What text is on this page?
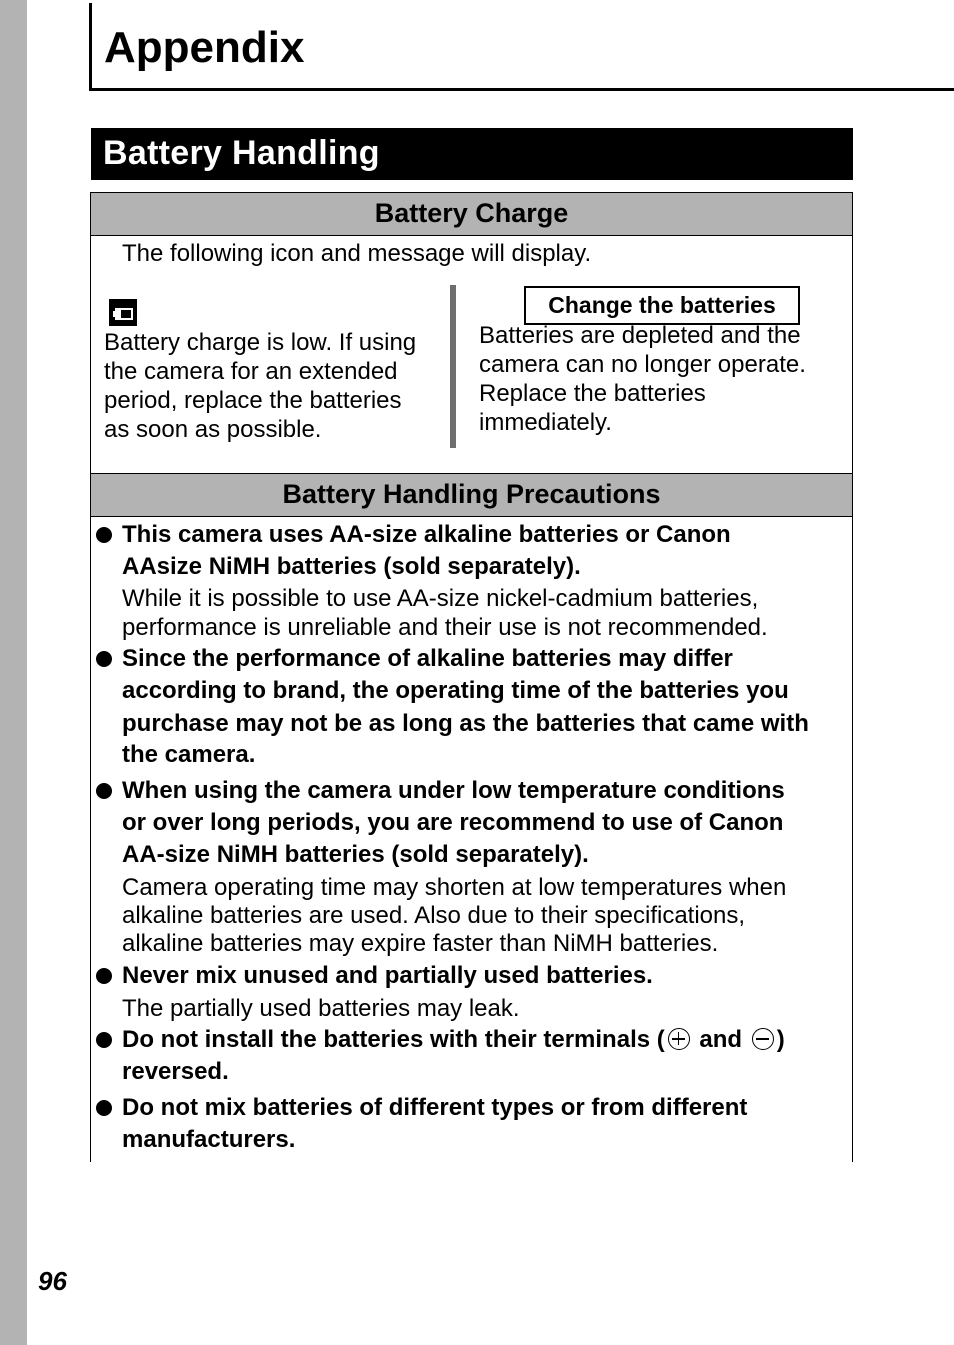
Appendix
Battery Handling
Battery Charge
The following icon and message will display.
Battery charge is low. If using
the camera for an extended
period, replace the batteries
as soon as possible.
Change the batteries
Batteries are depleted and the
camera can no longer operate.
Replace the batteries
immediately.
Battery Handling Precautions
This camera uses AA-size alkaline batteries or Canon
AAsize NiMH batteries (sold separately).
While it is possible to use AA-size nickel-cadmium batteries,
performance is unreliable and their use is not recommended.
Since the performance of alkaline batteries may differ
according to brand, the operating time of the batteries you
purchase may not be as long as the batteries that came with
the camera.
When using the camera under low temperature conditions
or over long periods, you are recommend to use of Canon
AA-size NiMH batteries (sold separately).
Camera operating time may shorten at low temperatures when
alkaline batteries are used. Also due to their specifications,
alkaline batteries may expire faster than NiMH batteries.
Never mix unused and partially used batteries.
The partially used batteries may leak.
Do not install the batteries with their terminals ( and )
reversed.
Do not mix batteries of different types or from different
manufacturers.
96
